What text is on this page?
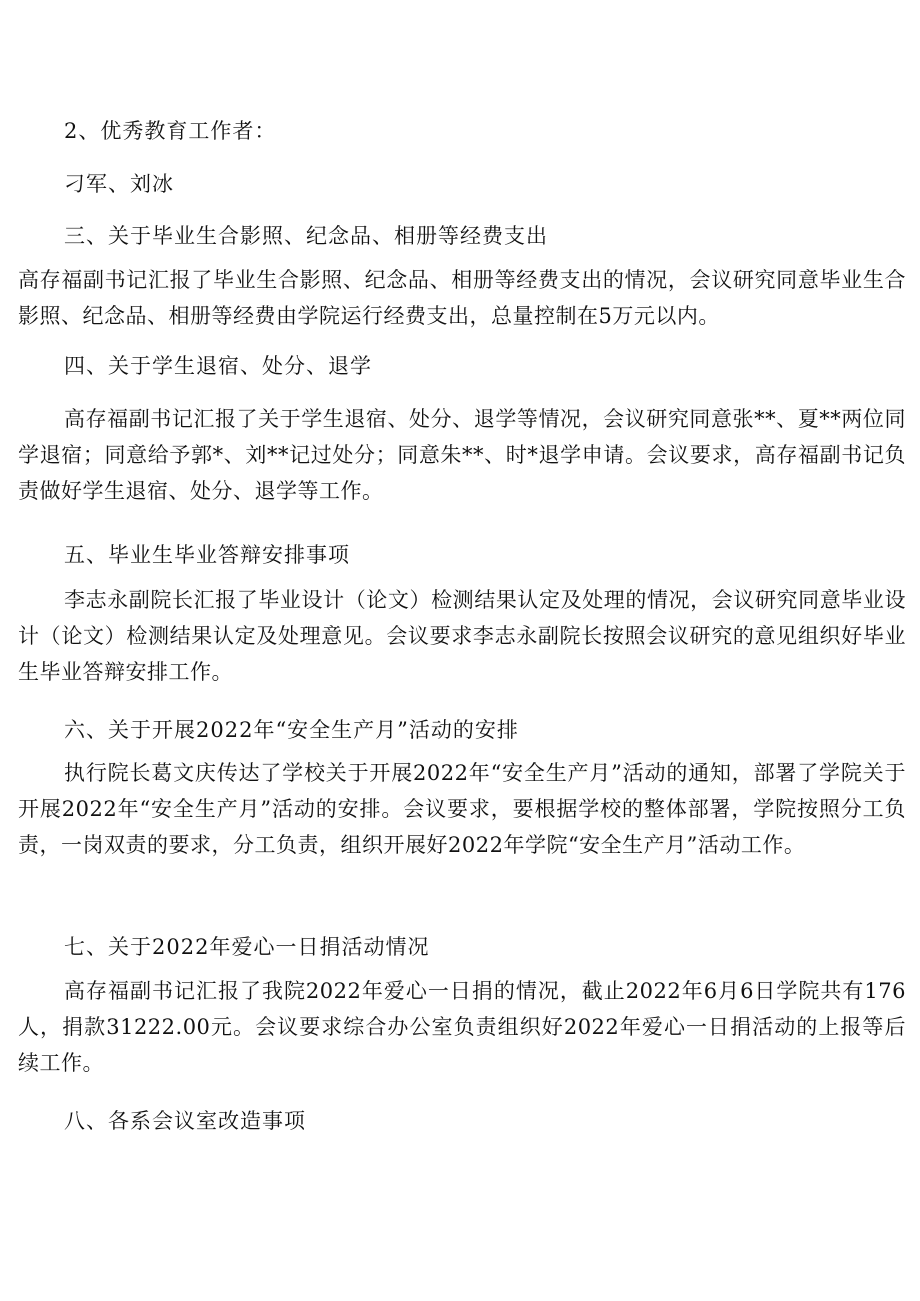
2、优秀教育工作者：

刁军、刘冰

三、关于毕业生合影照、纪念品、相册等经费支出

高存福副书记汇报了毕业生合影照、纪念品、相册等经费支出的情况，会议研究同意毕业生合影照、纪念品、相册等经费由学院运行经费支出，总量控制在5万元以内。

四、关于学生退宿、处分、退学

高存福副书记汇报了关于学生退宿、处分、退学等情况，会议研究同意张**、夏**两位同学退宿；同意给予郭*、刘**记过处分；同意朱**、时*退学申请。会议要求，高存福副书记负责做好学生退宿、处分、退学等工作。

五、毕业生毕业答辩安排事项

李志永副院长汇报了毕业设计（论文）检测结果认定及处理的情况，会议研究同意毕业设计（论文）检测结果认定及处理意见。会议要求李志永副院长按照会议研究的意见组织好毕业生毕业答辩安排工作。

六、关于开展2022年“安全生产月”活动的安排

执行院长葛文庆传达了学校关于开展2022年“安全生产月”活动的通知，部署了学院关于开展2022年“安全生产月”活动的安排。会议要求，要根据学校的整体部署，学院按照分工负责，一岗双责的要求，分工负责，组织开展好2022年学院“安全生产月”活动工作。

七、关于2022年爱心一日捐活动情况

高存福副书记汇报了我院2022年爱心一日捐的情况，截止2022年6月6日学院共有176人，捐款31222.00元。会议要求综合办公室负责组织好2022年爱心一日捐活动的上报等后续工作。

八、各系会议室改造事项
